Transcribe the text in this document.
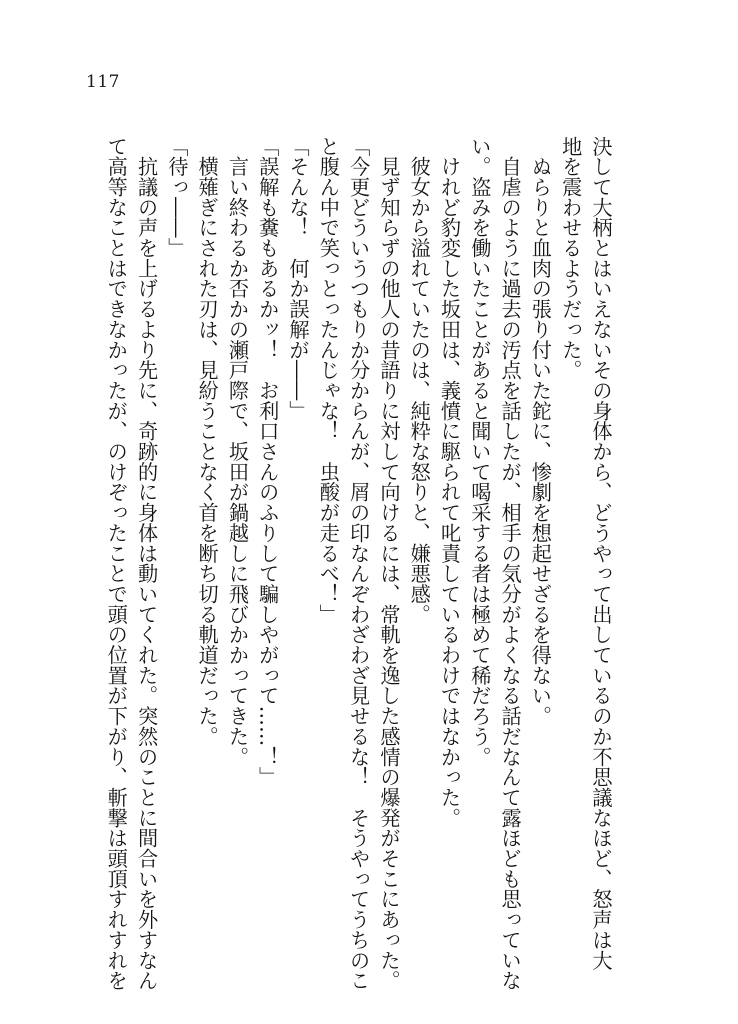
117
決して大柄とはいえないその身体から、どうやって出しているのか不思議なほど、怒声は大
地を震わせるようだった。
　ぬらりと血肉の張り付いた鉈に、惨劇を想起せざるを得ない。
　自虐のように過去の汚点を話したが、相手の気分がよくなる話だなんて露ほども思っていな
い。盗みを働いたことがあると聞いて喝采する者は極めて稀だろう。
　けれど豹変した坂田は、義憤に駆られて叱責しているわけではなかった。
　彼女から溢れていたのは、純粋な怒りと、嫌悪感。
　見ず知らずの他人の昔語りに対して向けるには、常軌を逸した感情の爆発がそこにあった。
「今更どういうつもりか分からんが、屑の印なんぞわざわざ見せるな！　そうやってうちのこ
と腹ん中で笑っとったんじゃな！　虫酸が走るべ！」
「そんな！　何か誤解が――」
「誤解も糞もあるかッ！　お利口さんのふりして騙しやがって……！」
　言い終わるか否かの瀬戸際で、坂田が鍋越しに飛びかかってきた。
　横薙ぎにされた刃は、見紛うことなく首を断ち切る軌道だった。
「待っ――」
　抗議の声を上げるより先に、奇跡的に身体は動いてくれた。突然のことに間合いを外すなん
て高等なことはできなかったが、のけぞったことで頭の位置が下がり、斬撃は頭頂すれすれを
